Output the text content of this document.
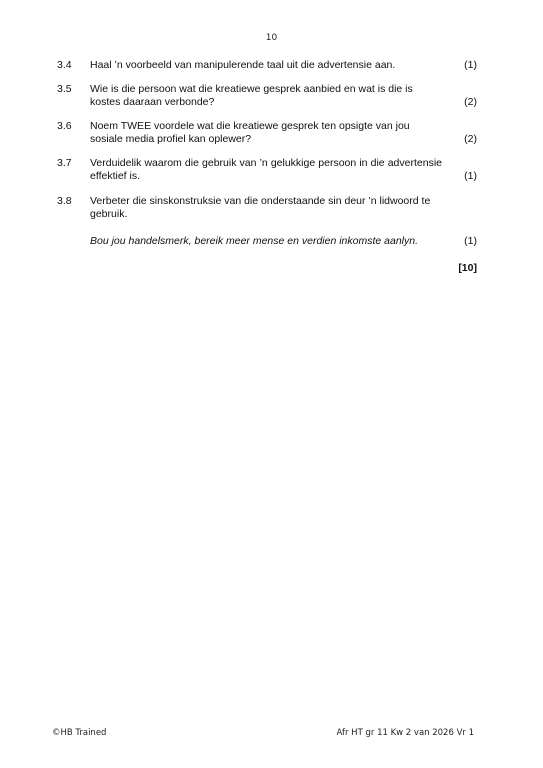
10
3.4 Haal ’n voorbeeld van manipulerende taal uit die advertensie aan.	(1)
3.5 Wie is die persoon wat die kreatiewe gesprek aanbied en wat is die is kostes daaraan verbonde?	(2)
3.6 Noem TWEE voordele wat die kreatiewe gesprek ten opsigte van jou sosiale media profiel kan oplewer?	(2)
3.7 Verduidelik waarom die gebruik van ’n gelukkige persoon in die advertensie effektief is.	(1)
3.8 Verbeter die sinskonstruksie van die onderstaande sin deur ’n lidwoord te gebruik.
Bou jou handelsmerk, bereik meer mense en verdien inkomste aanlyn.	(1)
[10]
©HB Trained	Afr HT gr 11 Kw 2 van 2026 Vr 1
